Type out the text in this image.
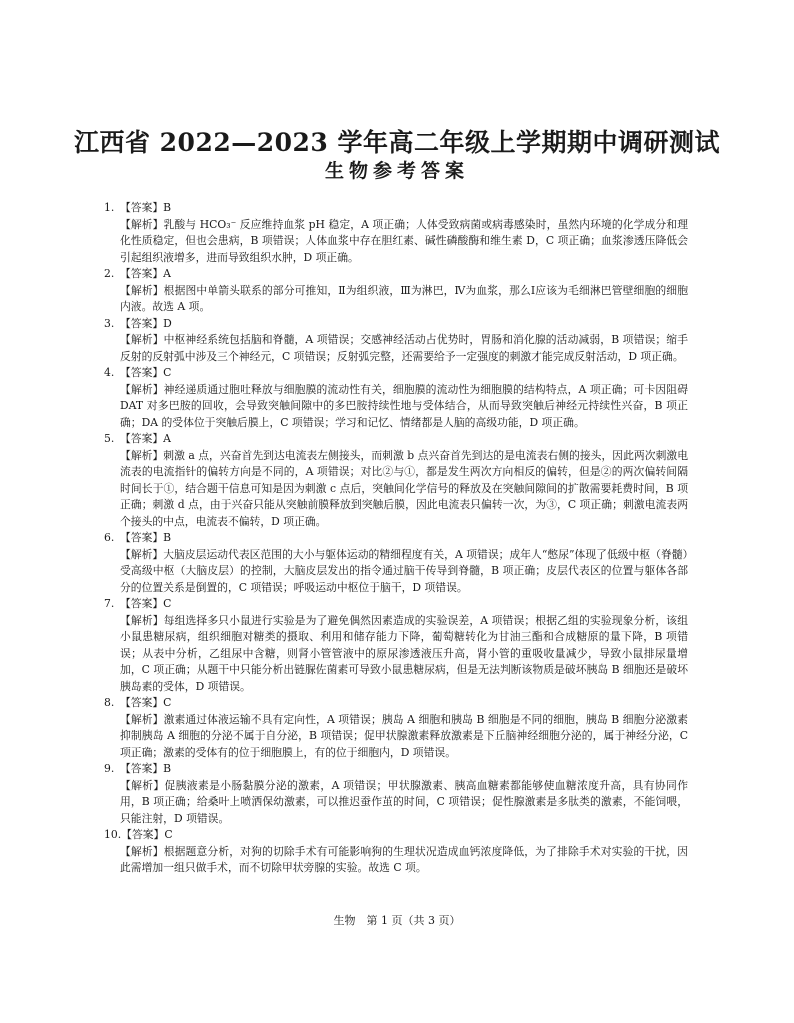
江西省 2022—2023 学年高二年级上学期期中调研测试
生物参考答案

1. 【答案】B

【解析】乳酸与 HCO₃⁻ 反应维持血浆 pH 稳定，A 项正确；人体受致病菌或病毒感染时，虽然内环境的化学成分和理化性质稳定，但也会患病，B 项错误；人体血浆中存在胆红素、碱性磷酸酶和维生素 D，C 项正确；血浆渗透压降低会引起组织液增多，进而导致组织水肿，D 项正确。

2. 【答案】A

【解析】根据图中单箭头联系的部分可推知，Ⅱ为组织液，Ⅲ为淋巴，Ⅳ为血浆，那么Ⅰ应该为毛细淋巴管壁细胞的细胞内液。故选 A 项。

3. 【答案】D

【解析】中枢神经系统包括脑和脊髓，A 项错误；交感神经活动占优势时，胃肠和消化腺的活动减弱，B 项错误；缩手反射的反射弧中涉及三个神经元，C 项错误；反射弧完整，还需要给予一定强度的刺激才能完成反射活动，D 项正确。

4. 【答案】C

【解析】神经递质通过胞吐释放与细胞膜的流动性有关，细胞膜的流动性为细胞膜的结构特点，A 项正确；可卡因阻碍 DAT 对多巴胺的回收，会导致突触间隙中的多巴胺持续性地与受体结合，从而导致突触后神经元持续性兴奋，B 项正确；DA 的受体位于突触后膜上，C 项错误；学习和记忆、情绪都是人脑的高级功能，D 项正确。

5. 【答案】A

【解析】刺激 a 点，兴奋首先到达电流表左侧接头，而刺激 b 点兴奋首先到达的是电流表右侧的接头，因此两次刺激电流表的电流指针的偏转方向是不同的，A 项错误；对比②与①，都是发生两次方向相反的偏转，但是②的两次偏转间隔时间长于①，结合题干信息可知是因为刺激 c 点后，突触间化学信号的释放及在突触间隙间的扩散需要耗费时间，B 项正确；刺激 d 点，由于兴奋只能从突触前膜释放到突触后膜，因此电流表只偏转一次，为③，C 项正确；刺激电流表两个接头的中点，电流表不偏转，D 项正确。

6. 【答案】B

【解析】大脑皮层运动代表区范围的大小与躯体运动的精细程度有关，A 项错误；成年人“憋尿”体现了低级中枢（脊髓）受高级中枢（大脑皮层）的控制，大脑皮层发出的指令通过脑干传导到脊髓，B 项正确；皮层代表区的位置与躯体各部分的位置关系是倒置的，C 项错误；呼吸运动中枢位于脑干，D 项错误。

7. 【答案】C

【解析】每组选择多只小鼠进行实验是为了避免偶然因素造成的实验误差，A 项错误；根据乙组的实验现象分析，该组小鼠患糖尿病，组织细胞对糖类的摄取、利用和储存能力下降，葡萄糖转化为甘油三酯和合成糖原的量下降，B 项错误；从表中分析，乙组尿中含糖，则肾小管管液中的原尿渗透液压升高，肾小管的重吸收量减少，导致小鼠排尿量增加，C 项正确；从题干中只能分析出链脲佐菌素可导致小鼠患糖尿病，但是无法判断该物质是破坏胰岛 B 细胞还是破坏胰岛素的受体，D 项错误。

8. 【答案】C

【解析】激素通过体液运输不具有定向性，A 项错误；胰岛 A 细胞和胰岛 B 细胞是不同的细胞，胰岛 B 细胞分泌激素抑制胰岛 A 细胞的分泌不属于自分泌，B 项错误；促甲状腺激素释放激素是下丘脑神经细胞分泌的，属于神经分泌，C 项正确；激素的受体有的位于细胞膜上，有的位于细胞内，D 项错误。

9. 【答案】B

【解析】促胰液素是小肠黏膜分泌的激素，A 项错误；甲状腺激素、胰高血糖素都能够使血糖浓度升高，具有协同作用，B 项正确；给桑叶上喷洒保幼激素，可以推迟蚕作茧的时间，C 项错误；促性腺激素是多肽类的激素，不能饲喂，只能注射，D 项错误。

10.【答案】C

【解析】根据题意分析，对狗的切除手术有可能影响狗的生理状况造成血钙浓度降低，为了排除手术对实验的干扰，因此需增加一组只做手术，而不切除甲状旁腺的实验。故选 C 项。

生物　第 1 页（共 3 页）
